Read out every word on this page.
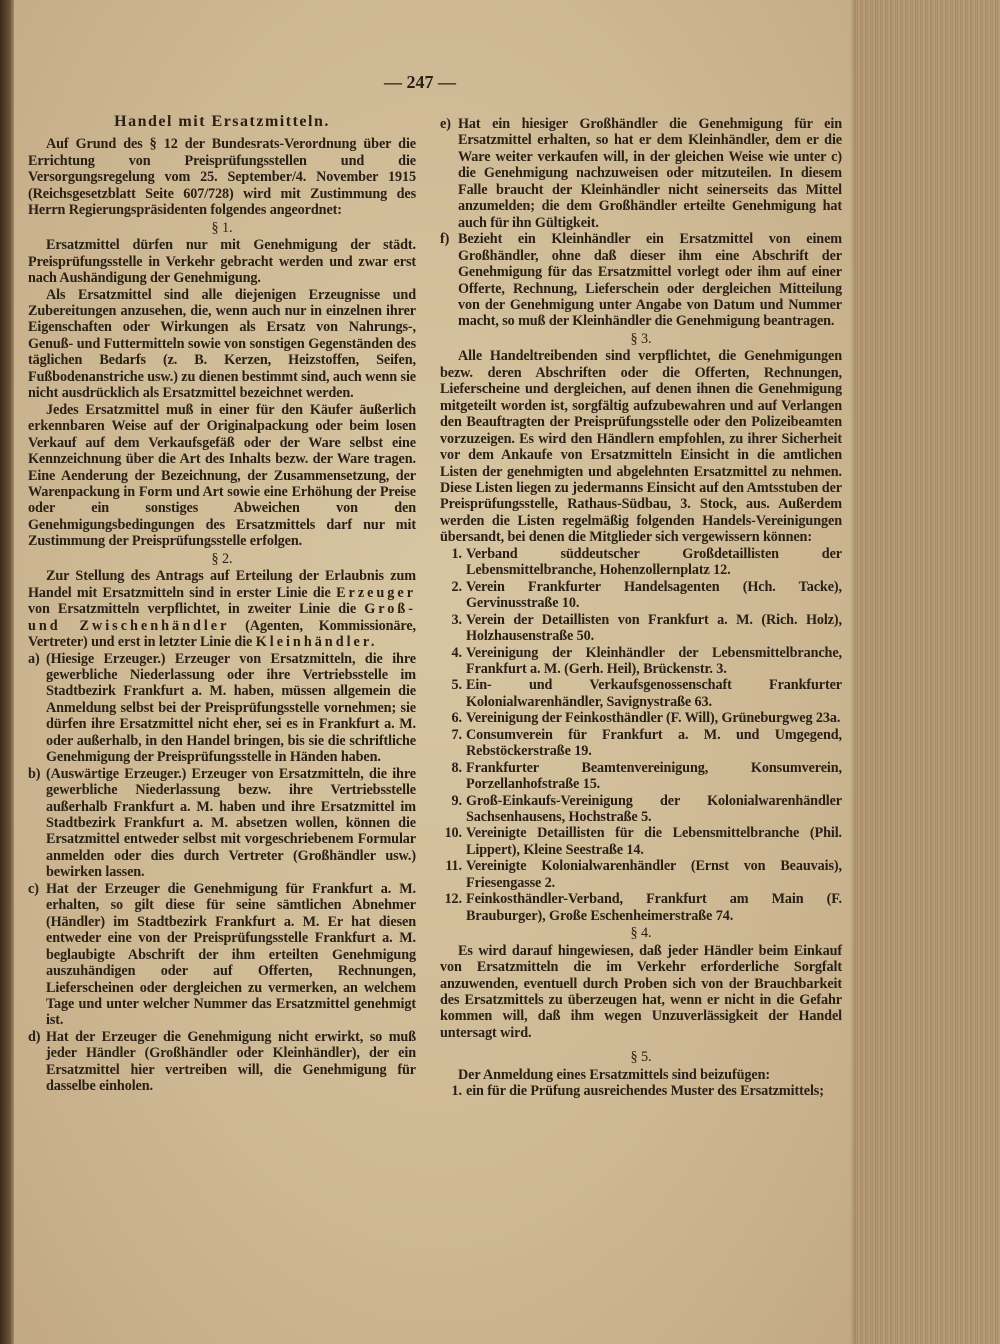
— 247 —
Handel mit Ersatzmitteln.

Auf Grund des § 12 der Bundesrats-Verordnung über die Errichtung von Preisprüfungsstellen und die Versorgungsregelung vom 25. September/4. November 1915 (Reichsgesetzblatt Seite 607/728) wird mit Zustimmung des Herrn Regierungspräsidenten folgendes angeordnet:

§ 1.

Ersatzmittel dürfen nur mit Genehmigung der städt. Preisprüfungsstelle in Verkehr gebracht werden und zwar erst nach Aushändigung der Genehmigung.

Als Ersatzmittel sind alle diejenigen Erzeugnisse und Zubereitungen anzusehen, die, wenn auch nur in einzelnen ihrer Eigenschaften oder Wirkungen als Ersatz von Nahrungs-, Genuß- und Futtermitteln sowie von sonstigen Gegenständen des täglichen Bedarfs (z. B. Kerzen, Heizstoffen, Seifen, Fußbodenanstriche usw.) zu dienen bestimmt sind, auch wenn sie nicht ausdrücklich als Ersatzmittel bezeichnet werden.

Jedes Ersatzmittel muß in einer für den Käufer äußerlich erkennbaren Weise auf der Originalpackung oder beim losen Verkauf auf dem Verkaufsgefäß oder der Ware selbst eine Kennzeichnung über die Art des Inhalts bezw. der Ware tragen. Eine Aenderung der Bezeichnung, der Zusammensetzung, der Warenpackung in Form und Art sowie eine Erhöhung der Preise oder ein sonstiges Abweichen von den Genehmigungsbedingungen des Ersatzmittels darf nur mit Zustimmung der Preisprüfungsstelle erfolgen.

§ 2.

Zur Stellung des Antrags auf Erteilung der Erlaubnis zum Handel mit Ersatzmitteln sind in erster Linie die Erzeuger von Ersatzmitteln verpflichtet, in zweiter Linie die Groß- und Zwischenhändler (Agenten, Kommissionäre, Vertreter) und erst in letzter Linie die Kleinhändler.

a) (Hiesige Erzeuger.) Erzeuger von Ersatzmitteln, die ihre gewerbliche Niederlassung oder ihre Vertriebsstelle im Stadtbezirk Frankfurt a. M. haben, müssen allgemein die Anmeldung selbst bei der Preisprüfungsstelle vornehmen; sie dürfen ihre Ersatzmittel nicht eher, sei es in Frankfurt a. M. oder außerhalb, in den Handel bringen, bis sie die schriftliche Genehmigung der Preisprüfungsstelle in Händen haben.
b) (Auswärtige Erzeuger.) Erzeuger von Ersatzmitteln, die ihre gewerbliche Niederlassung bezw. ihre Vertriebsstelle außerhalb Frankfurt a. M. haben und ihre Ersatzmittel im Stadtbezirk Frankfurt a. M. absetzen wollen, können die Ersatzmittel entweder selbst mit vorgeschriebenem Formular anmelden oder dies durch Vertreter (Großhändler usw.) bewirken lassen.
c) Hat der Erzeuger die Genehmigung für Frankfurt a. M. erhalten, so gilt diese für seine sämtlichen Abnehmer (Händler) im Stadtbezirk Frankfurt a. M. Er hat diesen entweder eine von der Preisprüfungsstelle Frankfurt a. M. beglaubigte Abschrift der ihm erteilten Genehmigung auszuhändigen oder auf Offerten, Rechnungen, Lieferscheinen oder dergleichen zu vermerken, an welchem Tage und unter welcher Nummer das Ersatzmittel genehmigt ist.
d) Hat der Erzeuger die Genehmigung nicht erwirkt, so muß jeder Händler (Großhändler oder Kleinhändler), der ein Ersatzmittel hier vertreiben will, die Genehmigung für dasselbe einholen.
e) Hat ein hiesiger Großhändler die Genehmigung für ein Ersatzmittel erhalten, so hat er dem Kleinhändler, dem er die Ware weiter verkaufen will, in der gleichen Weise wie unter c) die Genehmigung nachzuweisen oder mitzuteilen. In diesem Falle braucht der Kleinhändler nicht seinerseits das Mittel anzumelden; die dem Großhändler erteilte Genehmigung hat auch für ihn Gültigkeit.
f) Bezieht ein Kleinhändler ein Ersatzmittel von einem Großhändler, ohne daß dieser ihm eine Abschrift der Genehmigung für das Ersatzmittel vorlegt oder ihm auf einer Offerte, Rechnung, Lieferschein oder dergleichen Mitteilung von der Genehmigung unter Angabe von Datum und Nummer macht, so muß der Kleinhändler die Genehmigung beantragen.
§ 3.

Alle Handeltreibenden sind verpflichtet, die Genehmigungen bezw. deren Abschriften oder die Offerten, Rechnungen, Lieferscheine und dergleichen, auf denen ihnen die Genehmigung mitgeteilt worden ist, sorgfältig aufzubewahren und auf Verlangen den Beauftragten der Preisprüfungsstelle oder den Polizeibeamten vorzuzeigen. Es wird den Händlern empfohlen, zu ihrer Sicherheit vor dem Ankaufe von Ersatzmitteln Einsicht in die amtlichen Listen der genehmigten und abgelehnten Ersatzmittel zu nehmen. Diese Listen liegen zu jedermanns Einsicht auf den Amtsstuben der Preisprüfungsstelle, Rathaus-Südbau, 3. Stock, aus. Außerdem werden die Listen regelmäßig folgenden Handels-Vereinigungen übersandt, bei denen die Mitglieder sich vergewissern können:

1. Verband süddeutscher Großdetaillisten der Lebensmittelbranche, Hohenzollernplatz 12.
2. Verein Frankfurter Handelsagenten (Hch. Tacke), Gervinusstraße 10.
3. Verein der Detaillisten von Frankfurt a. M. (Rich. Holz), Holzhausenstraße 50.
4. Vereinigung der Kleinhändler der Lebensmittelbranche, Frankfurt a. M. (Gerh. Heil), Brückenstr. 3.
5. Ein- und Verkaufsgenossenschaft Frankfurter Kolonialwarenhändler, Savignystraße 63.
6. Vereinigung der Feinkosthändler (F. Will), Grüneburgweg 23a.
7. Consumverein für Frankfurt a. M. und Umgegend, Rebstöckerstraße 19.
8. Frankfurter Beamtenvereinigung, Konsumverein, Porzellanhofstraße 15.
9. Groß-Einkaufs-Vereinigung der Kolonialwarenhändler Sachsenhausens, Hochstraße 5.
10. Vereinigte Detaillisten für die Lebensmittelbranche (Phil. Lippert), Kleine Seestraße 14.
11. Vereinigte Kolonialwarenhändler (Ernst von Beauvais), Friesengasse 2.
12. Feinkosthändler-Verband, Frankfurt am Main (F. Brauburger), Große Eschenheimerstraße 74.
§ 4.

Es wird darauf hingewiesen, daß jeder Händler beim Einkauf von Ersatzmitteln die im Verkehr erforderliche Sorgfalt anzuwenden, eventuell durch Proben sich von der Brauchbarkeit des Ersatzmittels zu überzeugen hat, wenn er nicht in die Gefahr kommen will, daß ihm wegen Unzuverlässigkeit der Handel untersagt wird.

§ 5.

Der Anmeldung eines Ersatzmittels sind beizufügen:

1. ein für die Prüfung ausreichendes Muster des Ersatzmittels;
